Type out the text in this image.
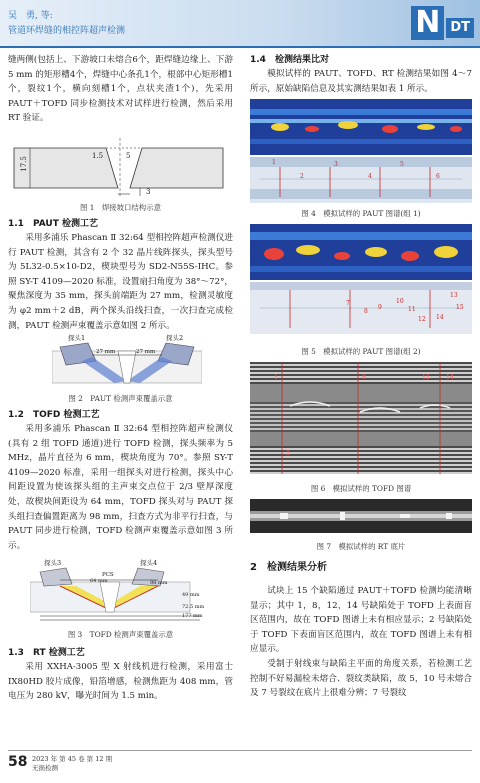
吴　勇, 等:
管道环焊缝的相控阵超声检测	N DT

缝两侧(包括上、下游坡口未熔合6个，距焊缝边缘上、下游5 mm 的矩形槽4个，焊缝中心条孔1个，根部中心矩形槽1个，裂纹1个，横向刻槽1个，点状夹渣1个)，先采用 PAUT＋TOFD 同步检测技术对试样进行检测，然后采用 RT 验证。

17.5
1.5	5
3
图 1　焊接坡口结构示意
1.1　PAUT 检测工艺

采用多浦乐 Phascan Ⅱ 32:64 型相控阵超声检测仪进行 PAUT 检测，其含有 2 个 32 晶片线阵探头，探头型号为 5L32-0.5×10-D2，楔块型号为 SD2-N55S-IHC。参照 SY-T 4109—2020 标准，设置扇扫角度为 38°～72°，聚焦深度为 35 mm，探头前端距为 27 mm，检测灵敏度为 φ2 mm＋2 dB，两个探头沿线扫查，一次扫查完成检测，PAUT 检测声束覆盖示意如图 2 所示。

探头1	探头2
27 mm	27 mm
图 2　PAUT 检测声束覆盖示意
1.2　TOFD 检测工艺

采用多浦乐 Phascan Ⅱ 32:64 型相控阵超声检测仪(具有 2 组 TOFD 通道)进行 TOFD 检测，探头频率为 5 MHz，晶片直径为 6 mm，楔块角度为 70°。参照 SY-T 4109—2020 标准，采用一组探头对进行检测，探头中心间距设置为使该探头组的主声束交点位于 2/3 壁厚深度处，故楔块间距设为 64 mm，TOFD 探头对与 PAUT 探头组扫查偏置距离为 98 mm，扫查方式为非平行扫查，与 PAUT 同步进行检测，TOFD 检测声束覆盖示意如图 3 所示。

探头3	探头4
PCS
64 mm	98 mm
49 mm
72.5 mm
177 mm
图 3　TOFD 检测声束覆盖示意
1.3　RT 检测工艺

采用 XXHA-3005 型 X 射线机进行检测，采用富士 IX80HD 胶片成像，铅箔增感，检测焦距为 408 mm，管电压为 280 kV，曝光时间为 1.5 min。

1.4　检测结果比对

模拟试样的 PAUT、TOFD、RT 检测结果如图 4～7 所示，原始缺陷信息及其实测结果如表 1 所示。

1
2
3
4
5
6
图 4　模拟试样的 PAUT 图谱(组 1)
7
8
9
10
11
12
13
14
15
图 5　模拟试样的 PAUT 图谱(组 2)
1
2
8	12	14
图 6　模拟试样的 TOFD 图谱
图 7　模拟试样的 RT 底片
2　检测结果分析

试块上 15 个缺陷通过 PAUT＋TOFD 检测均能清晰显示；其中 1，8，12，14 号缺陷处于 TOFD 上表面盲区范围内，故在 TOFD 图谱上未有相应显示；2 号缺陷处于 TOFD 下表面盲区范围内，故在 TOFD 图谱上未有相应显示。

受制于射线束与缺陷主平面的角度关系，若检测工艺控制不好易漏检未熔合、裂纹类缺陷，故 5，10 号未熔合及 7 号裂纹在底片上很难分辨；7 号裂纹

58 2023 年 第 45 卷 第 12 期
无损检测
